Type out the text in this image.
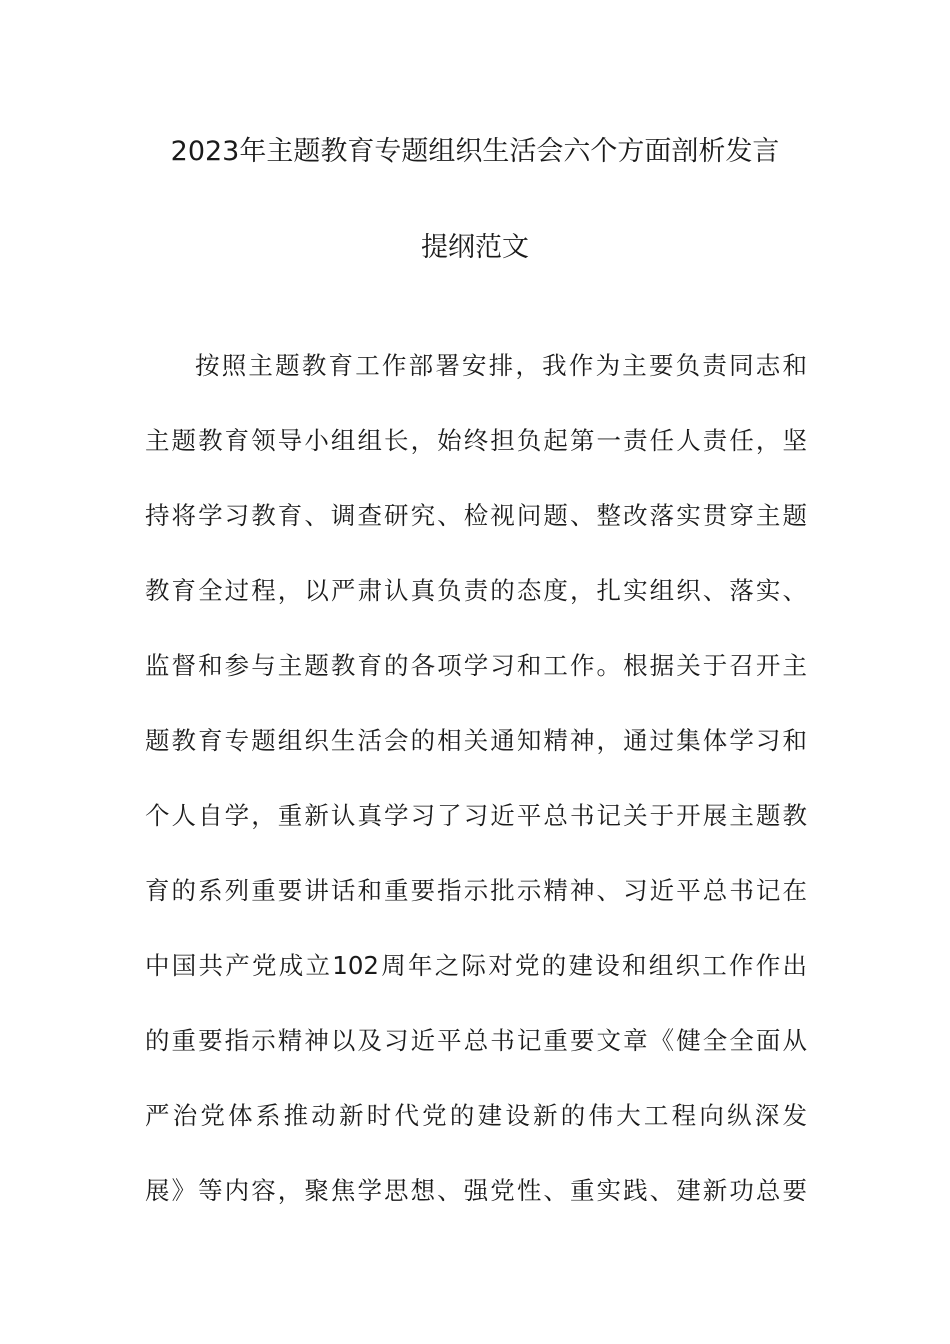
2023年主题教育专题组织生活会六个方面剖析发言
提纲范文
按照主题教育工作部署安排，我作为主要负责同志和
主题教育领导小组组长，始终担负起第一责任人责任，坚
持将学习教育、调查研究、检视问题、整改落实贯穿主题
教育全过程，以严肃认真负责的态度，扎实组织、落实、
监督和参与主题教育的各项学习和工作。根据关于召开主
题教育专题组织生活会的相关通知精神，通过集体学习和
个人自学，重新认真学习了习近平总书记关于开展主题教
育的系列重要讲话和重要指示批示精神、习近平总书记在
中国共产党成立102周年之际对党的建设和组织工作作出
的重要指示精神以及习近平总书记重要文章《健全全面从
严治党体系推动新时代党的建设新的伟大工程向纵深发
展》等内容，聚焦学思想、强党性、重实践、建新功总要
